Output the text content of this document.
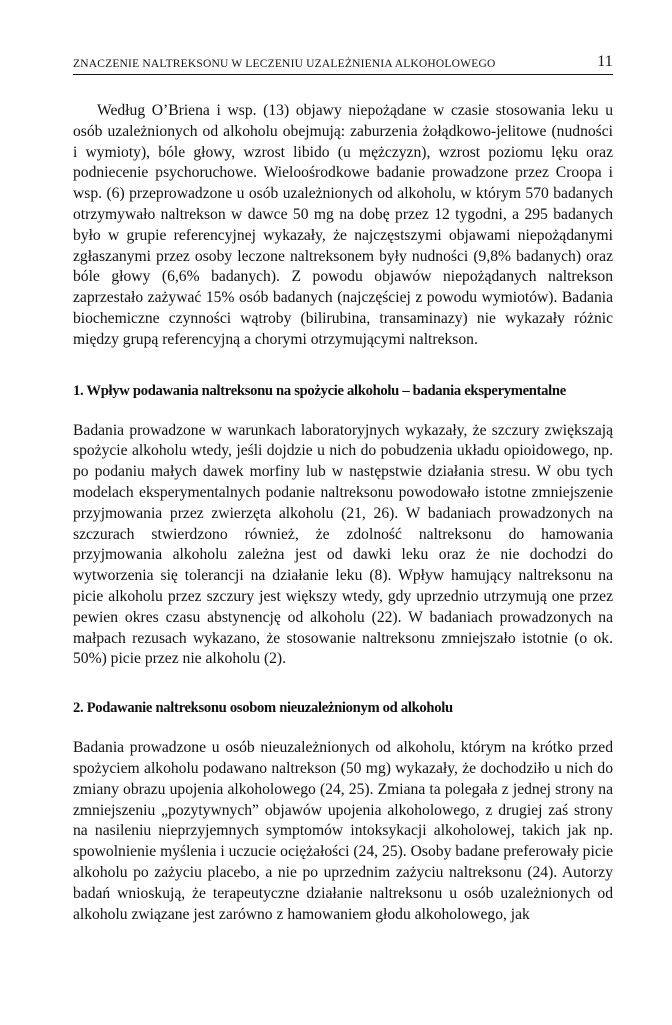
ZNACZENIE NALTREKSONU W LECZENIU UZALEŻNIENIA ALKOHOLOWEGO	11

Według O’Briena i wsp. (13) objawy niepożądane w czasie stosowania leku u osób uzależnionych od alkoholu obejmują: zaburzenia żołądkowo-jelitowe (nudności i wymioty), bóle głowy, wzrost libido (u mężczyzn), wzrost poziomu lęku oraz podniecenie psychoruchowe. Wieloośrodkowe badanie prowadzone przez Croopa i wsp. (6) przeprowadzone u osób uzależnionych od alkoholu, w którym 570 badanych otrzymywało naltrekson w dawce 50 mg na dobę przez 12 tygodni, a 295 badanych było w grupie referencyjnej wykazały, że najczęstszymi objawami niepożądanymi zgłaszanymi przez osoby leczone naltreksonem były nudności (9,8% badanych) oraz bóle głowy (6,6% badanych). Z powodu objawów niepożądanych naltrekson zaprzestało zażywać 15% osób badanych (najczęściej z powodu wymiotów). Badania biochemiczne czynności wątroby (bilirubina, transaminazy) nie wykazały różnic między grupą referencyjną a chorymi otrzymującymi naltrekson.

1. Wpływ podawania naltreksonu na spożycie alkoholu – badania eksperymentalne

Badania prowadzone w warunkach laboratoryjnych wykazały, że szczury zwiększają spożycie alkoholu wtedy, jeśli dojdzie u nich do pobudzenia układu opioidowego, np. po podaniu małych dawek morfiny lub w następstwie działania stresu. W obu tych modelach eksperymentalnych podanie naltreksonu powodowało istotne zmniejszenie przyjmowania przez zwierzęta alkoholu (21, 26). W badaniach prowadzonych na szczurach stwierdzono również, że zdolność naltreksonu do hamowania przyjmowania alkoholu zależna jest od dawki leku oraz że nie dochodzi do wytworzenia się tolerancji na działanie leku (8). Wpływ hamujący naltreksonu na picie alkoholu przez szczury jest większy wtedy, gdy uprzednio utrzymują one przez pewien okres czasu abstynencję od alkoholu (22). W badaniach prowadzonych na małpach rezusach wykazano, że stosowanie naltreksonu zmniejszało istotnie (o ok. 50%) picie przez nie alkoholu (2).

2. Podawanie naltreksonu osobom nieuzależnionym od alkoholu

Badania prowadzone u osób nieuzależnionych od alkoholu, którym na krótko przed spożyciem alkoholu podawano naltrekson (50 mg) wykazały, że dochodziło u nich do zmiany obrazu upojenia alkoholowego (24, 25). Zmiana ta polegała z jednej strony na zmniejszeniu „pozytywnych” objawów upojenia alkoholowego, z drugiej zaś strony na nasileniu nieprzyjemnych symptomów intoksykacji alkoholowej, takich jak np. spowolnienie myślenia i uczucie ociężałości (24, 25). Osoby badane preferowały picie alkoholu po zażyciu placebo, a nie po uprzednim zażyciu naltreksonu (24). Autorzy badań wnioskują, że terapeutyczne działanie naltreksonu u osób uzależnionych od alkoholu związane jest zarówno z hamowaniem głodu alkoholowego, jak
